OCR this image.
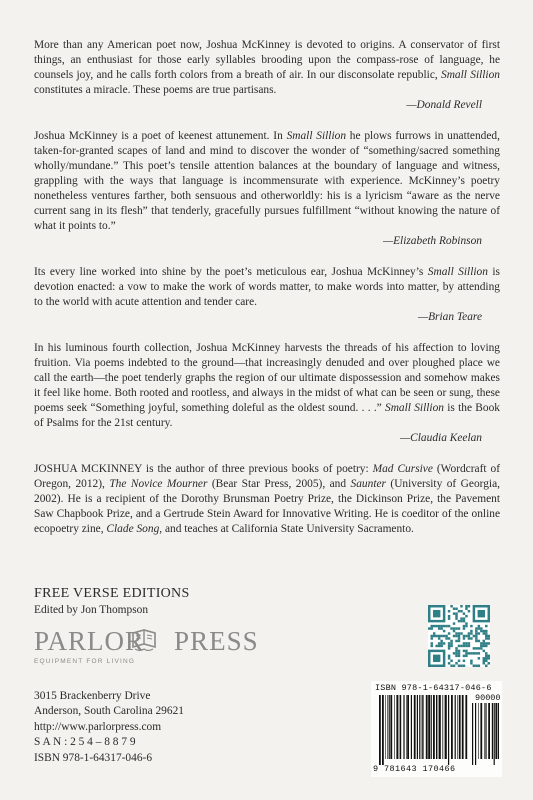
More than any American poet now, Joshua McKinney is devoted to origins. A conservator of first things, an enthusiast for those early syllables brooding upon the compass-rose of language, he counsels joy, and he calls forth colors from a breath of air. In our disconsolate republic, Small Sillion constitutes a miracle. These poems are true partisans.

—Donald Revell

Joshua McKinney is a poet of keenest attunement. In Small Sillion he plows furrows in unattended, taken-for-granted scapes of land and mind to discover the wonder of “something/sacred something wholly/mundane.” This poet’s tensile attention balances at the boundary of language and witness, grappling with the ways that language is incommensurate with experience. McKinney’s poetry nonetheless ventures farther, both sensuous and otherworldly: his is a lyricism “aware as the nerve current sang in its flesh” that tenderly, gracefully pursues fulfillment “without knowing the nature of what it points to.”

—Elizabeth Robinson

Its every line worked into shine by the poet’s meticulous ear, Joshua McKinney’s Small Sillion is devotion enacted: a vow to make the work of words matter, to make words into matter, by attending to the world with acute attention and tender care.

—Brian Teare

In his luminous fourth collection, Joshua McKinney harvests the threads of his affection to loving fruition. Via poems indebted to the ground—that increasingly denuded and over ploughed place we call the earth—the poet tenderly graphs the region of our ultimate dispossession and somehow makes it feel like home. Both rooted and rootless, and always in the midst of what can be seen or sung, these poems seek “Something joyful, something doleful as the oldest sound. . . .” Small Sillion is the Book of Psalms for the 21st century.

—Claudia Keelan

JOSHUA MCKINNEY is the author of three previous books of poetry: Mad Cursive (Wordcraft of Oregon, 2012), The Novice Mourner (Bear Star Press, 2005), and Saunter (University of Georgia, 2002). He is a recipient of the Dorothy Brunsman Poetry Prize, the Dickinson Prize, the Pavement Saw Chapbook Prize, and a Gertrude Stein Award for Innovative Writing. He is coeditor of the online ecopoetry zine, Clade Song, and teaches at California State University Sacramento.

FREE VERSE EDITIONS
Edited by Jon Thompson
PARLOR PRESS
EQUIPMENT FOR LIVING
3015 Brackenberry Drive
Anderson, South Carolina 29621
http://www.parlorpress.com
S A N : 2 5 4 – 8 8 7 9
ISBN 978-1-64317-046-6
ISBN 978-1-64317-046-6
90000
9 781643 170466
